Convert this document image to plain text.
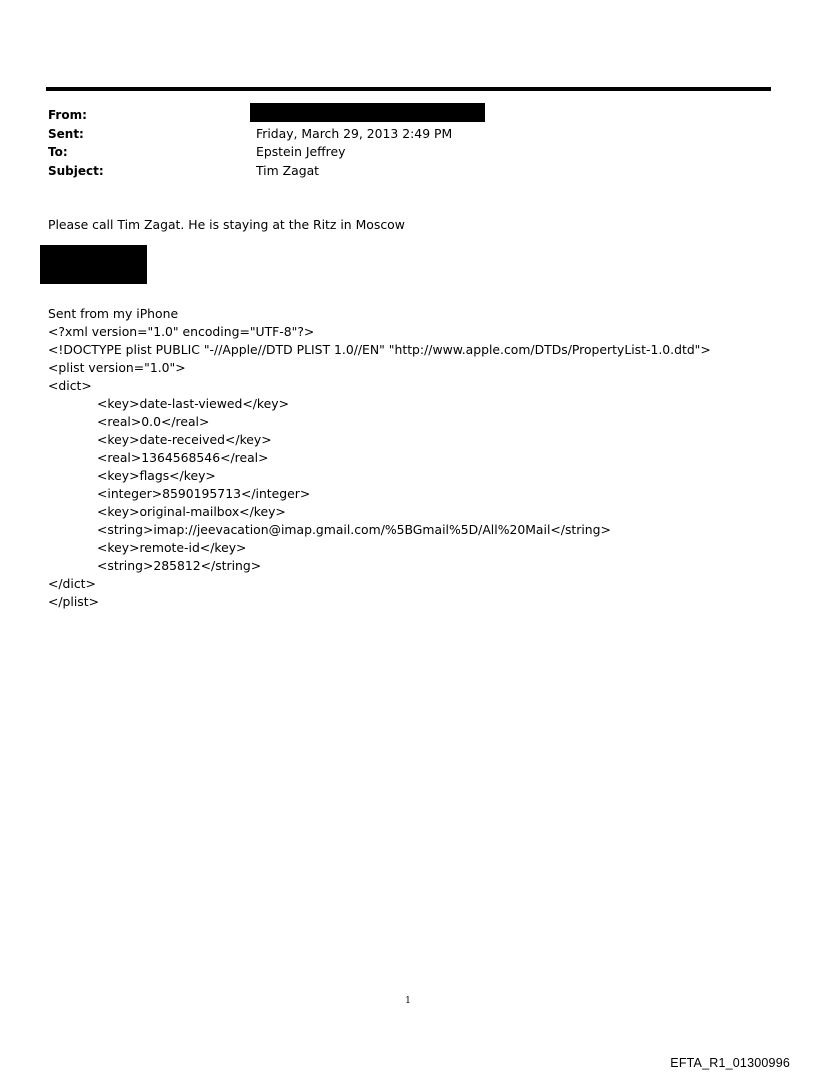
From:
Sent:	Friday, March 29, 2013 2:49 PM
To:	Epstein Jeffrey
Subject:	Tim Zagat
Please call Tim Zagat. He is staying at the Ritz in Moscow
Sent from my iPhone
<?xml version="1.0" encoding="UTF-8"?>
<!DOCTYPE plist PUBLIC "-//Apple//DTD PLIST 1.0//EN" "http://www.apple.com/DTDs/PropertyList-1.0.dtd">
<plist version="1.0">
<dict>
<key>date-last-viewed</key>
<real>0.0</real>
<key>date-received</key>
<real>1364568546</real>
<key>flags</key>
<integer>8590195713</integer>
<key>original-mailbox</key>
<string>imap://jeevacation@imap.gmail.com/%5BGmail%5D/All%20Mail</string>
<key>remote-id</key>
<string>285812</string>
</dict>
</plist>
1
EFTA_R1_01300996
